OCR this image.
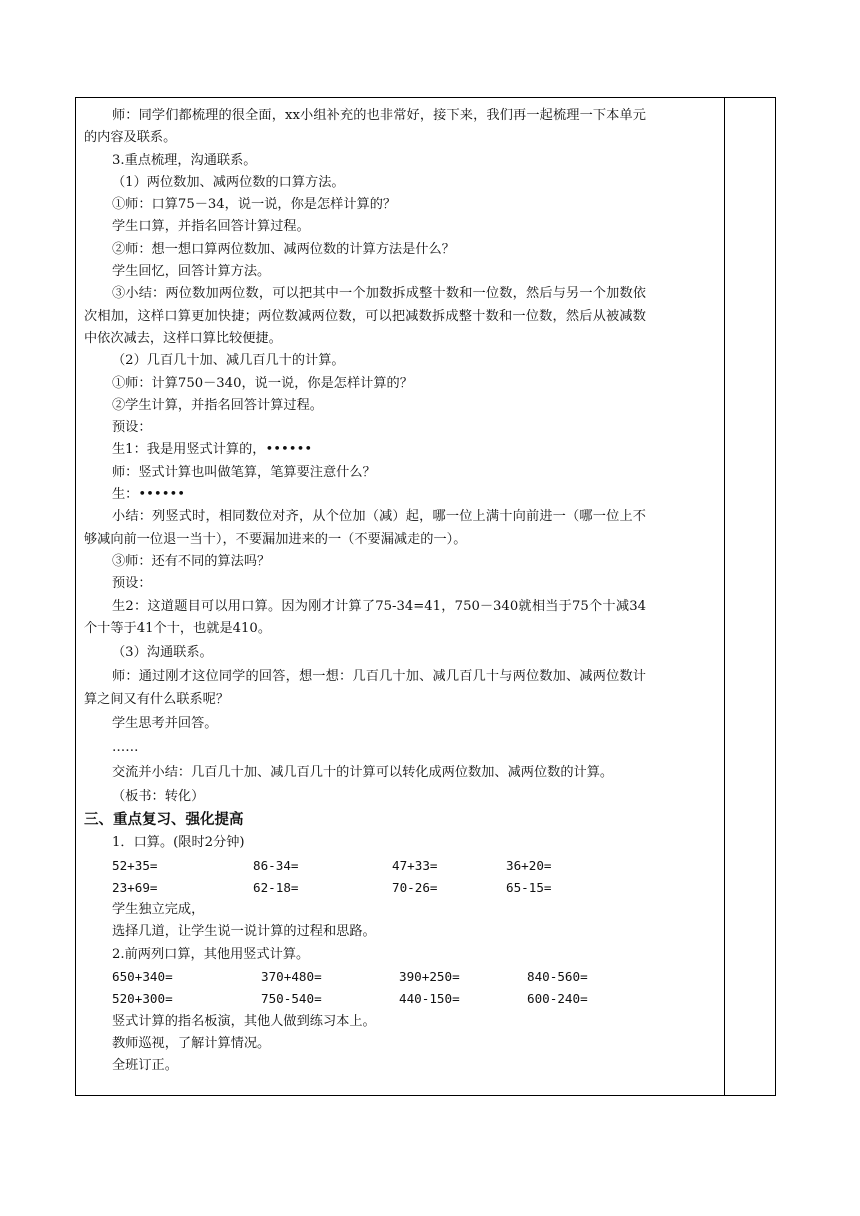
师：同学们都梳理的很全面，xx小组补充的也非常好，接下来，我们再一起梳理一下本单元的内容及联系。

3.重点梳理，沟通联系。

（1）两位数加、减两位数的口算方法。

①师：口算75－34，说一说，你是怎样计算的？

学生口算，并指名回答计算过程。

②师：想一想口算两位数加、减两位数的计算方法是什么？

学生回忆，回答计算方法。

③小结：两位数加两位数，可以把其中一个加数拆成整十数和一位数，然后与另一个加数依次相加，这样口算更加快捷；两位数减两位数，可以把减数拆成整十数和一位数，然后从被减数中依次减去，这样口算比较便捷。

（2）几百几十加、减几百几十的计算。

①师：计算750－340，说一说，你是怎样计算的？

②学生计算，并指名回答计算过程。

预设：

生1：我是用竖式计算的，••••••

师：竖式计算也叫做笔算，笔算要注意什么？

生：••••••

小结：列竖式时，相同数位对齐，从个位加（减）起，哪一位上满十向前进一（哪一位上不够减向前一位退一当十），不要漏加进来的一（不要漏减走的一）。

③师：还有不同的算法吗？

预设：

生2：这道题目可以用口算。因为刚才计算了75-34=41，750－340就相当于75个十减34个十等于41个十，也就是410。

（3）沟通联系。

师：通过刚才这位同学的回答，想一想：几百几十加、减几百几十与两位数加、减两位数计算之间又有什么联系呢？

学生思考并回答。

……

交流并小结：几百几十加、减几百几十的计算可以转化成两位数加、减两位数的计算。

（板书：转化）

三、重点复习、强化提高

1．口算。(限时2分钟)

52+35=	86-34=	47+33=	36+20=
23+69=	62-18=	70-26=	65-15=

学生独立完成，

选择几道，让学生说一说计算的过程和思路。

2.前两列口算，其他用竖式计算。

650+340=	370+480=	390+250=	840-560=
520+300=	750-540=	440-150=	600-240=

竖式计算的指名板演，其他人做到练习本上。

教师巡视，了解计算情况。

全班订正。
